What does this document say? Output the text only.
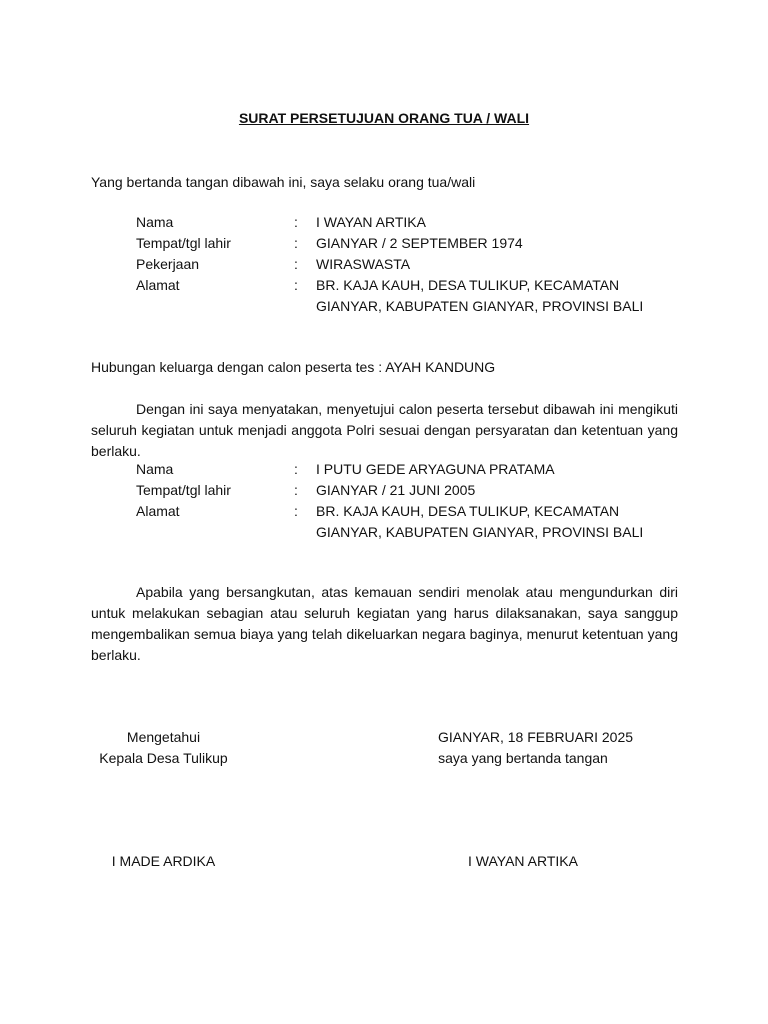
SURAT PERSETUJUAN ORANG TUA / WALI
Yang bertanda tangan dibawah ini, saya selaku orang tua/wali
Nama	: I WAYAN ARTIKA
Tempat/tgl lahir	: GIANYAR / 2 SEPTEMBER 1974
Pekerjaan	: WIRASWASTA
Alamat	: BR. KAJA KAUH, DESA TULIKUP, KECAMATAN GIANYAR, KABUPATEN GIANYAR, PROVINSI BALI
Hubungan keluarga dengan calon peserta tes : AYAH KANDUNG
Dengan ini saya menyatakan, menyetujui calon peserta tersebut dibawah ini mengikuti seluruh kegiatan untuk menjadi anggota Polri sesuai dengan persyaratan dan ketentuan yang berlaku.
Nama	: I PUTU GEDE ARYAGUNA PRATAMA
Tempat/tgl lahir	: GIANYAR / 21 JUNI 2005
Alamat	: BR. KAJA KAUH, DESA TULIKUP, KECAMATAN GIANYAR, KABUPATEN GIANYAR, PROVINSI BALI
Apabila yang bersangkutan, atas kemauan sendiri menolak atau mengundurkan diri untuk melakukan sebagian atau seluruh kegiatan yang harus dilaksanakan, saya sanggup mengembalikan semua biaya yang telah dikeluarkan negara baginya, menurut ketentuan yang berlaku.
Mengetahui
Kepala Desa Tulikup
I MADE ARDIKA
GIANYAR, 18 FEBRUARI 2025
saya yang bertanda tangan
I WAYAN ARTIKA
